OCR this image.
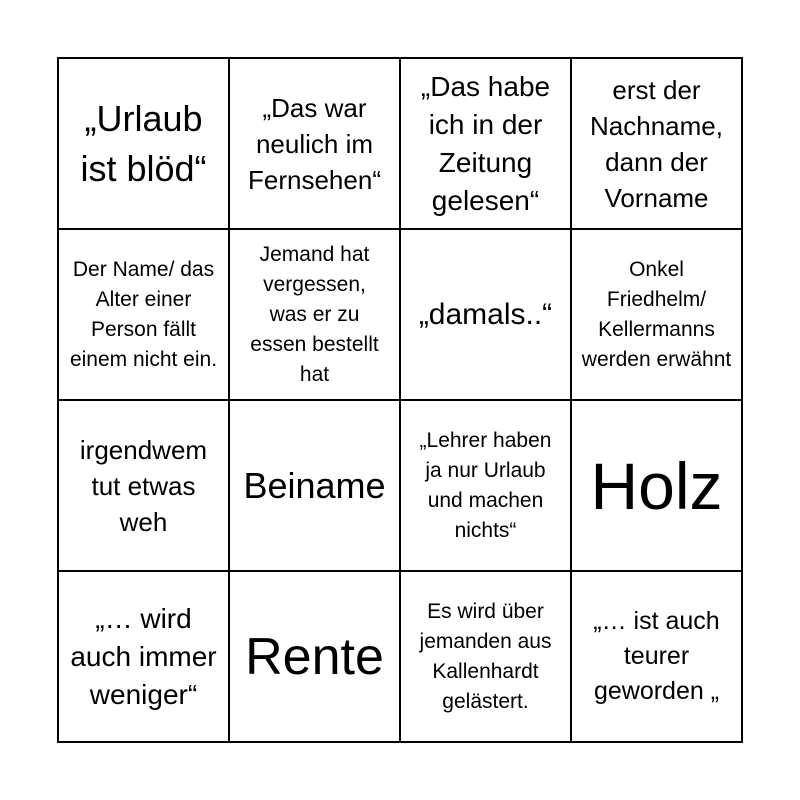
„Urlaub ist blöd“
„Das war neulich im Fernsehen“
„Das habe ich in der Zeitung gelesen“
erst der Nachname, dann der Vorname
Der Name/ das Alter einer Person fällt einem nicht ein.
Jemand hat vergessen, was er zu essen bestellt hat
„damals..“
Onkel Friedhelm/ Kellermanns werden erwähnt
irgendwem tut etwas weh
Beiname
„Lehrer haben ja nur Urlaub und machen nichts“
Holz
„… wird auch immer weniger“
Rente
Es wird über jemanden aus Kallenhardt gelästert.
„… ist auch teurer geworden „
